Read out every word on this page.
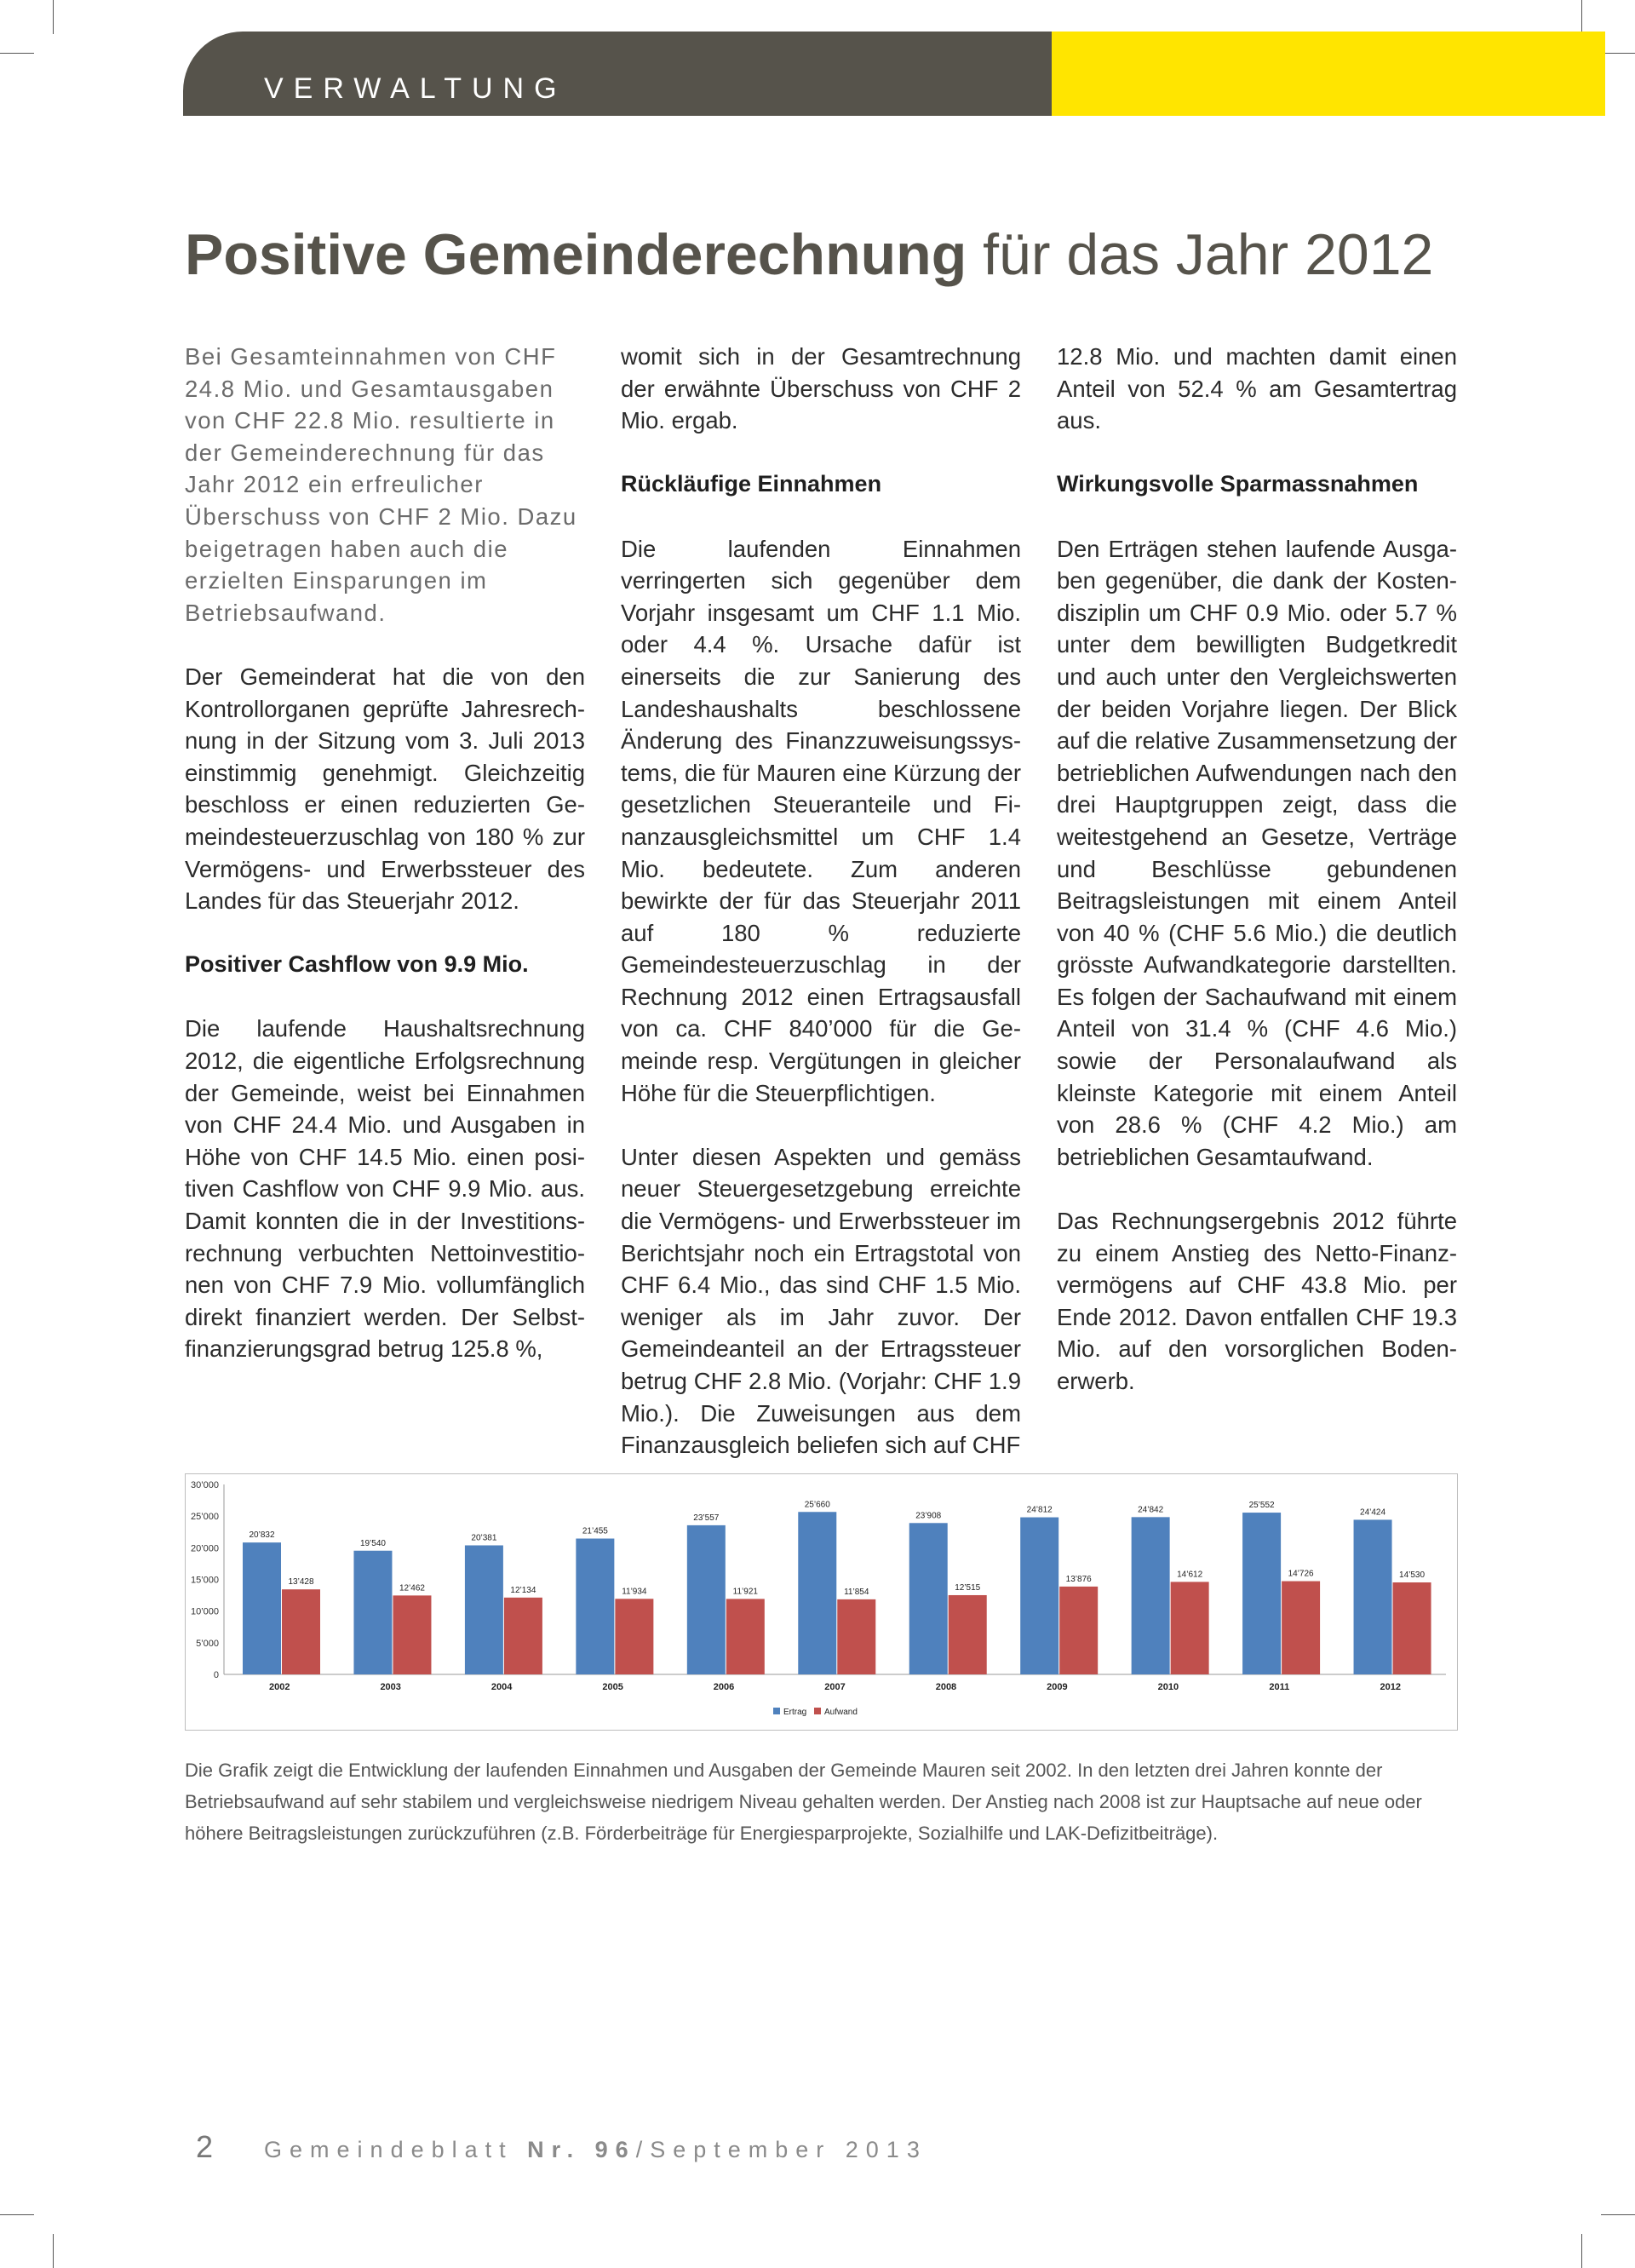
VERWALTUNG
Positive Gemeinderechnung für das Jahr 2012

Bei Gesamteinnahmen von CHF 24.8 Mio. und Gesamtausgaben von CHF 22.8 Mio. resultierte in der Gemeinderechnung für das Jahr 2012 ein erfreulicher Überschuss von CHF 2 Mio. Dazu beigetragen haben auch die erzielten Einsparungen im Betriebsaufwand.

Der Gemeinderat hat die von den Kontrollorganen geprüfte Jahresrechnung in der Sitzung vom 3. Juli 2013 einstimmig genehmigt. Gleichzeitig beschloss er einen reduzierten Gemeindesteuerzuschlag von 180 % zur Vermögens- und Erwerbssteuer des Landes für das Steuerjahr 2012.

Positiver Cashflow von 9.9 Mio.

Die laufende Haushaltsrechnung 2012, die eigentliche Erfolgsrechnung der Gemeinde, weist bei Einnahmen von CHF 24.4 Mio. und Ausgaben in Höhe von CHF 14.5 Mio. einen positiven Cashflow von CHF 9.9 Mio. aus. Damit konnten die in der Investitionsrechnung verbuchten Nettoinvestitionen von CHF 7.9 Mio. vollumfänglich direkt finanziert werden. Der Selbstfinanzierungsgrad betrug 125.8 %,

womit sich in der Gesamtrechnung der erwähnte Überschuss von CHF 2 Mio. ergab.

Rückläufige Einnahmen

Die laufenden Einnahmen verringerten sich gegenüber dem Vorjahr insgesamt um CHF 1.1 Mio. oder 4.4 %. Ursache dafür ist einerseits die zur Sanierung des Landeshaushalts beschlossene Änderung des Finanzzuweisungssystems, die für Mauren eine Kürzung der gesetzlichen Steueranteile und Finanzausgleichsmittel um CHF 1.4 Mio. bedeutete. Zum anderen bewirkte der für das Steuerjahr 2011 auf 180 % reduzierte Gemeindesteuerzuschlag in der Rechnung 2012 einen Ertragsausfall von ca. CHF 840’000 für die Gemeinde resp. Vergütungen in gleicher Höhe für die Steuerpflichtigen.

Unter diesen Aspekten und gemäss neuer Steuergesetzgebung erreichte die Vermögens- und Erwerbssteuer im Berichtsjahr noch ein Ertragstotal von CHF 6.4 Mio., das sind CHF 1.5 Mio. weniger als im Jahr zuvor. Der Gemeindeanteil an der Ertragssteuer betrug CHF 2.8 Mio. (Vorjahr: CHF 1.9 Mio.). Die Zuweisungen aus dem Finanzausgleich beliefen sich auf CHF

12.8 Mio. und machten damit einen Anteil von 52.4 % am Gesamtertrag aus.

Wirkungsvolle Sparmassnahmen

Den Erträgen stehen laufende Ausgaben gegenüber, die dank der Kostendisziplin um CHF 0.9 Mio. oder 5.7 % unter dem bewilligten Budgetkredit und auch unter den Vergleichswerten der beiden Vorjahre liegen. Der Blick auf die relative Zusammensetzung der betrieblichen Aufwendungen nach den drei Hauptgruppen zeigt, dass die weitestgehend an Gesetze, Verträge und Beschlüsse gebundenen Beitragsleistungen mit einem Anteil von 40 % (CHF 5.6 Mio.) die deutlich grösste Aufwandkategorie darstellten. Es folgen der Sachaufwand mit einem Anteil von 31.4 % (CHF 4.6 Mio.) sowie der Personalaufwand als kleinste Kategorie mit einem Anteil von 28.6 % (CHF 4.2 Mio.) am betrieblichen Gesamtaufwand.

Das Rechnungsergebnis 2012 führte zu einem Anstieg des Netto-Finanzvermögens auf CHF 43.8 Mio. per Ende 2012. Davon entfallen CHF 19.3 Mio. auf den vorsorglichen Bodenerwerb.

0
5’000
10’000
15’000
20’000
25’000
30’000
20’832
13’428
2002
19’540
12’462
2003
20’381
12’134
2004
21’455
11’934
2005
23’557
11’921
2006
25’660
11’854
2007
23’908
12’515
2008
24’812
13’876
2009
24’842
14’612
2010
25’552
14’726
2011
24’424
14’530
2012
Ertrag Aufwand
Die Grafik zeigt die Entwicklung der laufenden Einnahmen und Ausgaben der Gemeinde Mauren seit 2002. In den letzten drei Jahren konnte der Betriebsaufwand auf sehr stabilem und vergleichsweise niedrigem Niveau gehalten werden. Der Anstieg nach 2008 ist zur Hauptsache auf neue oder höhere Beitragsleistungen zurückzuführen (z.B. Förderbeiträge für Energiesparprojekte, Sozialhilfe und LAK-Defizitbeiträge).
2 Gemeindeblatt Nr. 96/September 2013
